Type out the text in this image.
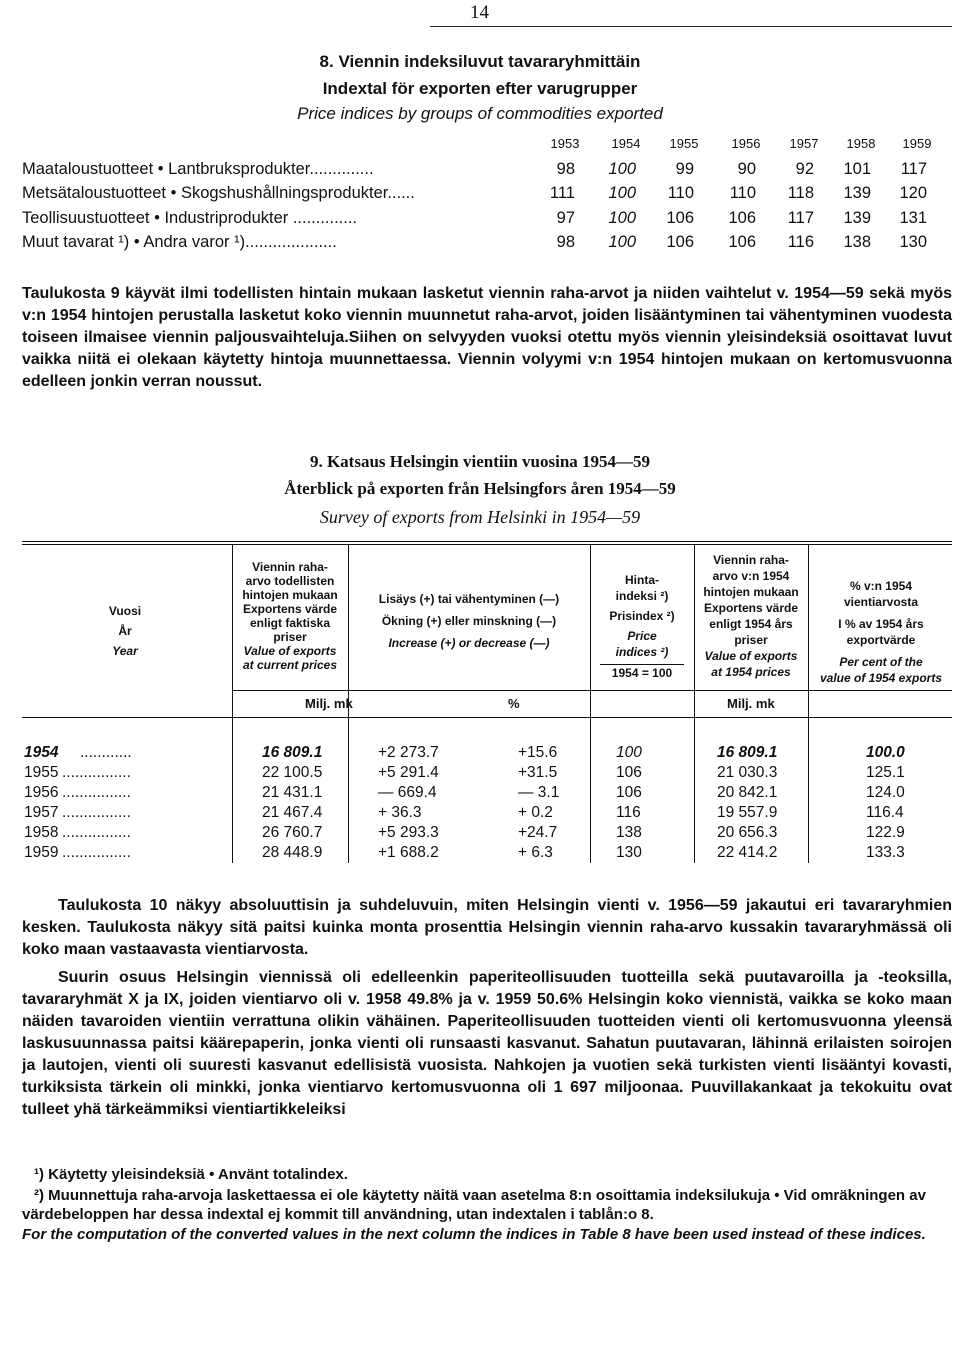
14
8. Viennin indeksiluvut tavararyhmittäin
Indextal för exporten efter varugrupper
Price indices by groups of commodities exported
1953	1954	1955	1956	1957	1958	1959
Maataloustuotteet • Lantbruksprodukter..............	98	100	99	90	92	101	117
Metsätaloustuotteet • Skogshushållningsprodukter......	111	100	110	110	118	139	120
Teollisuustuotteet • Industriprodukter ..............	97	100	106	106	117	139	131
Muut tavarat ¹) • Andra varor ¹)....................	98	100	106	106	116	138	130
Taulukosta 9 käyvät ilmi todellisten hintain mukaan lasketut viennin raha-arvot ja niiden vaihtelut v. 1954—59 sekä myös v:n 1954 hintojen perustalla lasketut koko viennin muunnetut raha-arvot, joiden lisääntyminen tai vähentyminen vuodesta toiseen ilmaisee viennin paljousvaihteluja.Siihen on selvyyden vuoksi otettu myös viennin yleisindeksiä osoittavat luvut vaikka niitä ei olekaan käytetty hintoja muunnettaessa. Viennin volyymi v:n 1954 hintojen mukaan on kertomusvuonna edelleen jonkin verran noussut.
9. Katsaus Helsingin vientiin vuosina 1954—59
Återblick på exporten från Helsingfors åren 1954—59
Survey of exports from Helsinki in 1954—59
Vuosi
År
Year
Viennin raha-
arvo todellisten
hintojen mukaan
Exportens värde
enligt faktiska
priser
Value of exports
at current prices
Lisäys (+) tai vähentyminen (—)
Ökning (+) eller minskning (—)
Increase (+) or decrease (—)
Hinta-
indeksi ²)
Prisindex ²)
Price
indices ²)
1954 = 100
Viennin raha-
arvo v:n 1954
hintojen mukaan
Exportens värde
enligt 1954 års
priser
Value of exports
at 1954 prices
% v:n 1954
vientiarvosta
I % av 1954 års
exportvärde
Per cent of the
value of 1954 exports
Milj. mk	%	Milj. mk
1954 ............	16 809.1	+2 273.7	+15.6	100	16 809.1	100.0
1955 ................	22 100.5	+5 291.4	+31.5	106	21 030.3	125.1
1956 ................	21 431.1	— 669.4	— 3.1	106	20 842.1	124.0
1957 ................	21 467.4	+ 36.3	+ 0.2	116	19 557.9	116.4
1958 ................	26 760.7	+5 293.3	+24.7	138	20 656.3	122.9
1959 ................	28 448.9	+1 688.2	+ 6.3	130	22 414.2	133.3
Taulukosta 10 näkyy absoluuttisin ja suhdeluvuin, miten Helsingin vienti v. 1956—59 jakautui eri tavararyhmien kesken. Taulukosta näkyy sitä paitsi kuinka monta prosenttia Helsingin viennin raha-arvo kussakin tavararyhmässä oli koko maan vastaavasta vientiarvosta.
Suurin osuus Helsingin viennissä oli edelleenkin paperiteollisuuden tuotteilla sekä puutavaroilla ja -teoksilla, tavararyhmät X ja IX, joiden vientiarvo oli v. 1958 49.8% ja v. 1959 50.6% Helsingin koko viennistä, vaikka se koko maan näiden tavaroiden vientiin verrattuna olikin vähäinen. Paperiteollisuuden tuotteiden vienti oli kertomusvuonna yleensä laskusuunnassa paitsi käärepaperin, jonka vienti oli runsaasti kasvanut. Sahatun puutavaran, lähinnä erilaisten soirojen ja lautojen, vienti oli suuresti kasvanut edellisistä vuosista. Nahkojen ja vuotien sekä turkisten vienti lisääntyi kovasti, turkiksista tärkein oli minkki, jonka vientiarvo kertomusvuonna oli 1 697 miljoonaa. Puuvillakankaat ja tekokuitu ovat tulleet yhä tärkeämmiksi vientiartikkeleiksi
¹) Käytetty yleisindeksiä • Använt totalindex.
²) Muunnettuja raha-arvoja laskettaessa ei ole käytetty näitä vaan asetelma 8:n osoittamia indeksilukuja • Vid omräkningen av värdebeloppen har dessa indextal ej kommit till användning, utan indextalen i tablån:o 8.
For the computation of the converted values in the next column the indices in Table 8 have been used instead of these indices.
